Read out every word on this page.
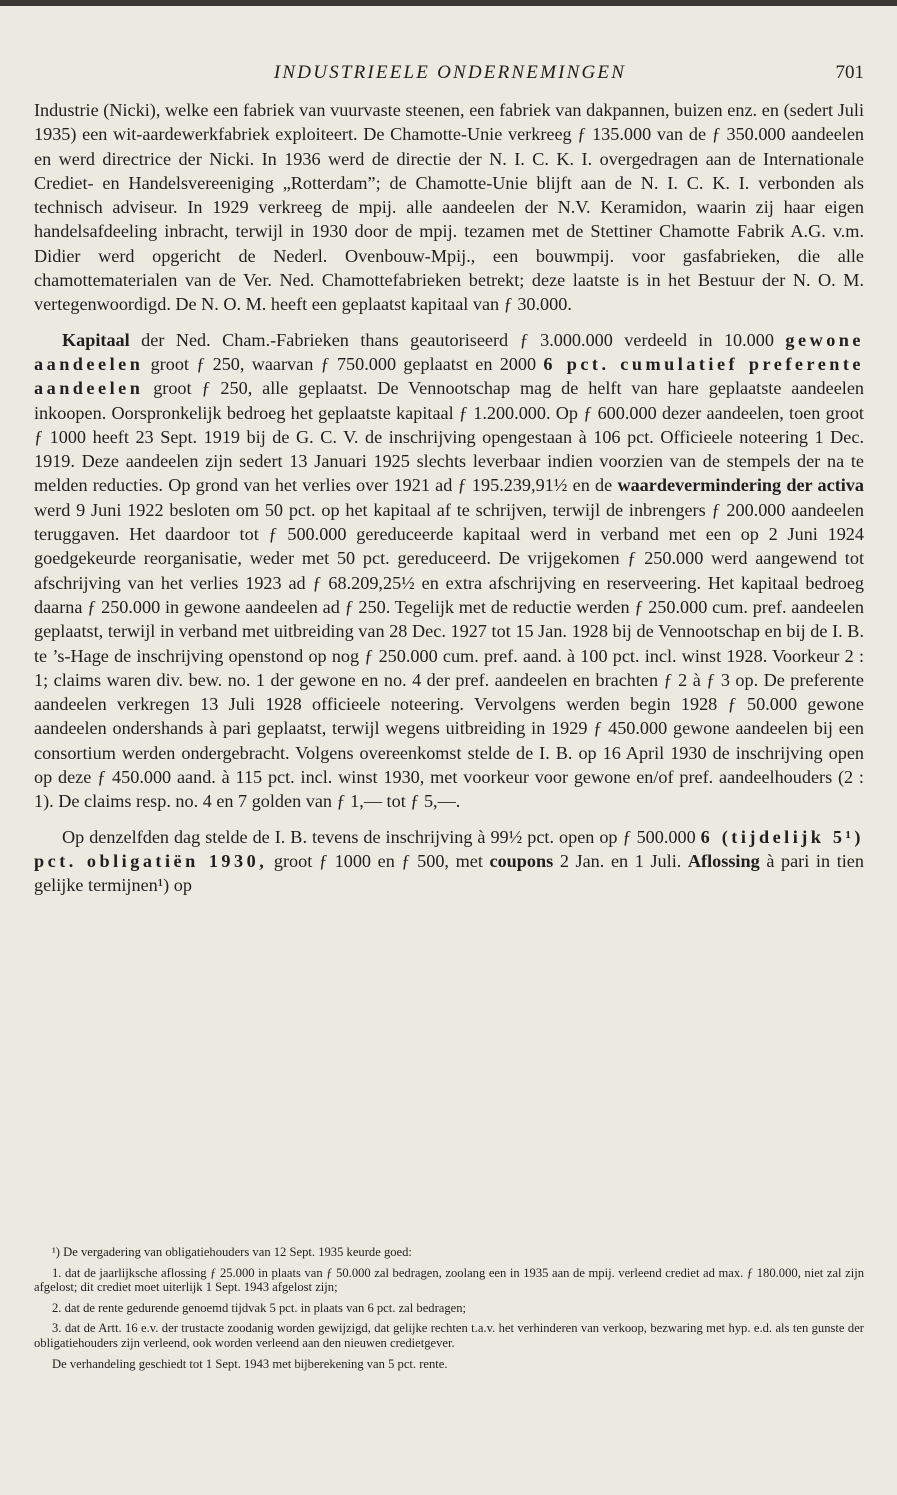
INDUSTRIEELE ONDERNEMINGEN	701

Industrie (Nicki), welke een fabriek van vuurvaste steenen, een fabriek van dakpannen, buizen enz. en (sedert Juli 1935) een wit-aardewerkfabriek exploiteert. De Chamotte-Unie verkreeg ƒ 135.000 van de ƒ 350.000 aandeelen en werd directrice der Nicki. In 1936 werd de directie der N. I. C. K. I. overgedragen aan de Internationale Crediet- en Handelsvereeniging „Rotterdam”; de Chamotte-Unie blijft aan de N. I. C. K. I. verbonden als technisch adviseur. In 1929 verkreeg de mpij. alle aandeelen der N.V. Keramidon, waarin zij haar eigen handelsafdeeling inbracht, terwijl in 1930 door de mpij. tezamen met de Stettiner Chamotte Fabrik A.G. v.m. Didier werd opgericht de Nederl. Ovenbouw-Mpij., een bouwmpij. voor gasfabrieken, die alle chamottematerialen van de Ver. Ned. Chamottefabrieken betrekt; deze laatste is in het Bestuur der N. O. M. vertegenwoordigd. De N. O. M. heeft een geplaatst kapitaal van ƒ 30.000.

Kapitaal der Ned. Cham.-Fabrieken thans geautoriseerd ƒ 3.000.000 verdeeld in 10.000 gewone aandeelen groot ƒ 250, waarvan ƒ 750.000 geplaatst en 2000 6 pct. cumulatief preferente aandeelen groot ƒ 250, alle geplaatst. De Vennootschap mag de helft van hare geplaatste aandeelen inkoopen. Oorspronkelijk bedroeg het geplaatste kapitaal ƒ 1.200.000. Op ƒ 600.000 dezer aandeelen, toen groot ƒ 1000 heeft 23 Sept. 1919 bij de G. C. V. de inschrijving opengestaan à 106 pct. Officieele noteering 1 Dec. 1919. Deze aandeelen zijn sedert 13 Januari 1925 slechts leverbaar indien voorzien van de stempels der na te melden reducties. Op grond van het verlies over 1921 ad ƒ 195.239,91½ en de waardevermindering der activa werd 9 Juni 1922 besloten om 50 pct. op het kapitaal af te schrijven, terwijl de inbrengers ƒ 200.000 aandeelen teruggaven. Het daardoor tot ƒ 500.000 gereduceerde kapitaal werd in verband met een op 2 Juni 1924 goedgekeurde reorganisatie, weder met 50 pct. gereduceerd. De vrijgekomen ƒ 250.000 werd aangewend tot afschrijving van het verlies 1923 ad ƒ 68.209,25½ en extra afschrijving en reserveering. Het kapitaal bedroeg daarna ƒ 250.000 in gewone aandeelen ad ƒ 250. Tegelijk met de reductie werden ƒ 250.000 cum. pref. aandeelen geplaatst, terwijl in verband met uitbreiding van 28 Dec. 1927 tot 15 Jan. 1928 bij de Vennootschap en bij de I. B. te ’s-Hage de inschrijving openstond op nog ƒ 250.000 cum. pref. aand. à 100 pct. incl. winst 1928. Voorkeur 2 : 1; claims waren div. bew. no. 1 der gewone en no. 4 der pref. aandeelen en brachten ƒ 2 à ƒ 3 op. De preferente aandeelen verkregen 13 Juli 1928 officieele noteering. Vervolgens werden begin 1928 ƒ 50.000 gewone aandeelen ondershands à pari geplaatst, terwijl wegens uitbreiding in 1929 ƒ 450.000 gewone aandeelen bij een consortium werden ondergebracht. Volgens overeenkomst stelde de I. B. op 16 April 1930 de inschrijving open op deze ƒ 450.000 aand. à 115 pct. incl. winst 1930, met voorkeur voor gewone en/of pref. aandeelhouders (2 : 1). De claims resp. no. 4 en 7 golden van ƒ 1,— tot ƒ 5,—.

Op denzelfden dag stelde de I. B. tevens de inschrijving à 99½ pct. open op ƒ 500.000 6 (tijdelijk 5¹) pct. obligatiën 1930, groot ƒ 1000 en ƒ 500, met coupons 2 Jan. en 1 Juli. Aflossing à pari in tien gelijke termijnen¹) op

¹) De vergadering van obligatiehouders van 12 Sept. 1935 keurde goed:

1. dat de jaarlijksche aflossing ƒ 25.000 in plaats van ƒ 50.000 zal bedragen, zoolang een in 1935 aan de mpij. verleend crediet ad max. ƒ 180.000, niet zal zijn afgelost; dit crediet moet uiterlijk 1 Sept. 1943 afgelost zijn;

2. dat de rente gedurende genoemd tijdvak 5 pct. in plaats van 6 pct. zal bedragen;

3. dat de Artt. 16 e.v. der trustacte zoodanig worden gewijzigd, dat gelijke rechten t.a.v. het verhinderen van verkoop, bezwaring met hyp. e.d. als ten gunste der obligatiehouders zijn verleend, ook worden verleend aan den nieuwen credietgever.

De verhandeling geschiedt tot 1 Sept. 1943 met bijberekening van 5 pct. rente.
